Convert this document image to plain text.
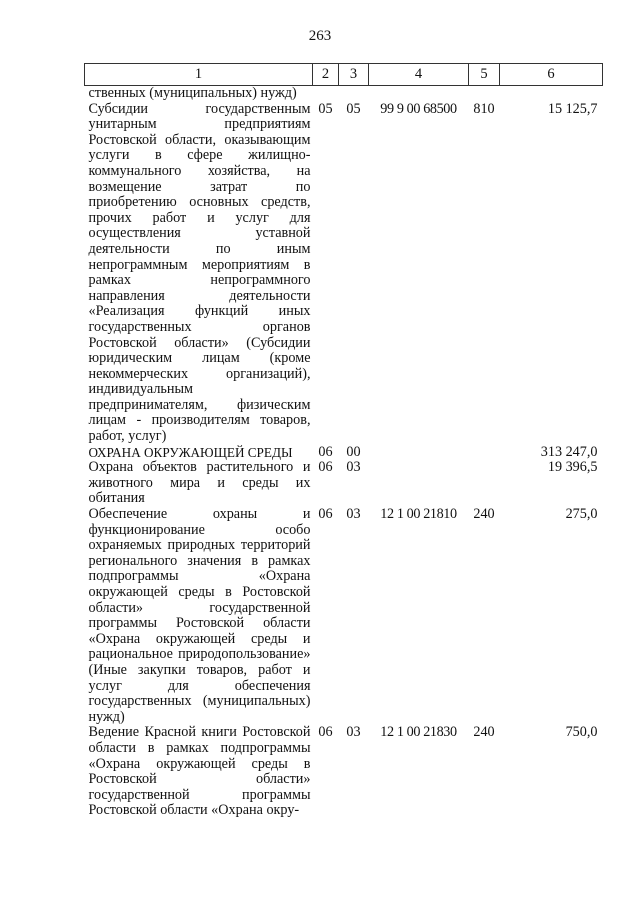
263
1	2	3	4	5	6
ственных (муниципальных) нужд)					
Субсидии государственным унитарным предприятиям Ростовской области, оказывающим услуги в сфере жилищно-коммунального хозяйства, на возмещение затрат по приобретению основных средств, прочих работ и услуг для осуществления уставной деятельности по иным непрограммным мероприятиям в рамках непрограммного направления деятельности «Реализация функций иных государственных органов Ростовской области» (Субсидии юридическим лицам (кроме некоммерческих организаций), индивидуальным предпринимателям, физическим лицам - производителям товаров, работ, услуг)	05	05	99 9 00 68500	810	15 125,7
ОХРАНА ОКРУЖАЮЩЕЙ СРЕДЫ	06	00			313 247,0
Охрана объектов растительного и животного мира и среды их обитания	06	03			19 396,5
Обеспечение охраны и функционирование особо охраняемых природных территорий регионального значения в рамках подпрограммы «Охрана окружающей среды в Ростовской области» государственной программы Ростовской области «Охрана окружающей среды и рациональное природопользование» (Иные закупки товаров, работ и услуг для обеспечения государственных (муниципальных) нужд)	06	03	12 1 00 21810	240	275,0
Ведение Красной книги Ростовской области в рамках подпрограммы «Охрана окружающей среды в Ростовской области» государственной программы Ростовской области «Охрана окру-	06	03	12 1 00 21830	240	750,0
